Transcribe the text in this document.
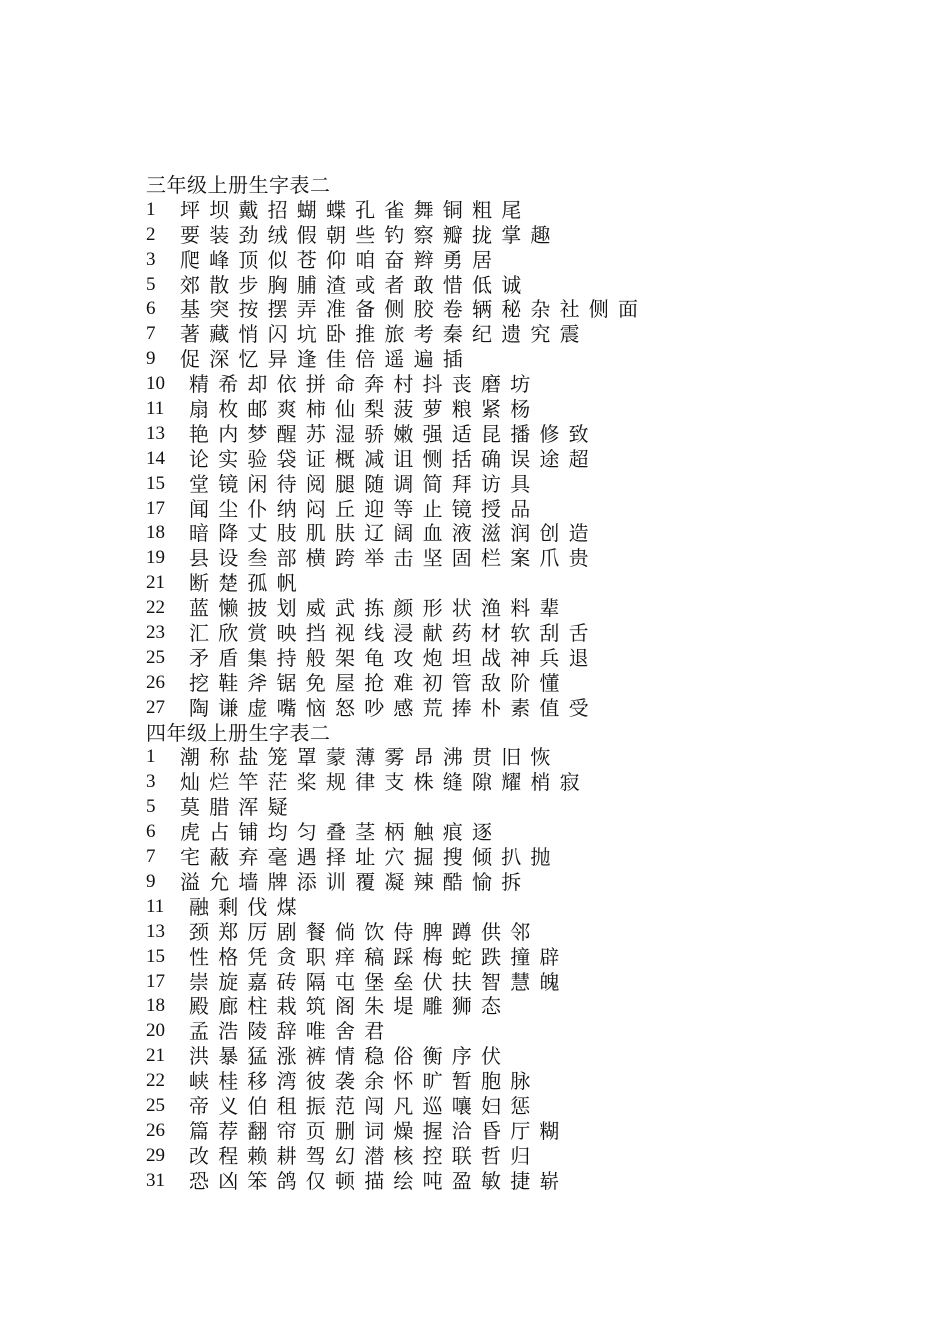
三年级上册生字表二
1	坪坝戴招蝴蝶孔雀舞铜粗尾
2	要装劲绒假朝些钓察瓣拢掌趣
3	爬峰顶似苍仰咱奋辫勇居
5	郊散步胸脯渣或者敢惜低诚
6	基突按摆弄准备侧胶卷辆秘杂社侧面
7	著藏悄闪坑卧推旅考秦纪遗究震
9	促深忆异逢佳倍遥遍插
10	精希却依拼命奔村抖丧磨坊
11	扇枚邮爽柿仙梨菠萝粮紧杨
13	艳内梦醒苏湿骄嫩强适昆播修致
14	论实验袋证概减诅恻括确误途超
15	堂镜闲待阅腿随调简拜访具
17	闻尘仆纳闷丘迎等止镜授品
18	暗降丈肢肌肤辽阔血液滋润创造
19	县设叁部横跨举击坚固栏案爪贵
21	断楚孤帆
22	蓝懒披划威武拣颜形状渔料辈
23	汇欣赏映挡视线浸献药材软刮舌
25	矛盾集持般架龟攻炮坦战神兵退
26	挖鞋斧锯免屋抢难初管敌阶懂
27	陶谦虚嘴恼怒吵感荒捧朴素值受
四年级上册生字表二
1	潮称盐笼罩蒙薄雾昂沸贯旧恢
3	灿烂竿茫桨规律支株缝隙耀梢寂
5	莫腊浑疑
6	虎占铺均匀叠茎柄触痕逐
7	宅蔽弃毫遇择址穴掘搜倾扒抛
9	溢允墙牌添训覆凝辣酷愉拆
11	融剩伐煤
13	颈郑厉剧餐倘饮侍脾蹲供邻
15	性格凭贪职痒稿踩梅蛇跌撞辟
17	崇旋嘉砖隔屯堡垒伏扶智慧魄
18	殿廊柱栽筑阁朱堤雕狮态
20	孟浩陵辞唯舍君
21	洪暴猛涨裤情稳俗衡序伏
22	峡桂移湾彼袭余怀旷暂胞脉
25	帝义伯租振范闯凡巡嚷妇惩
26	篇荐翻帘页删词燥握洽昏厅糊
29	改程赖耕驾幻潜核控联哲归
31	恐凶笨鸽仅顿描绘吨盈敏捷崭
